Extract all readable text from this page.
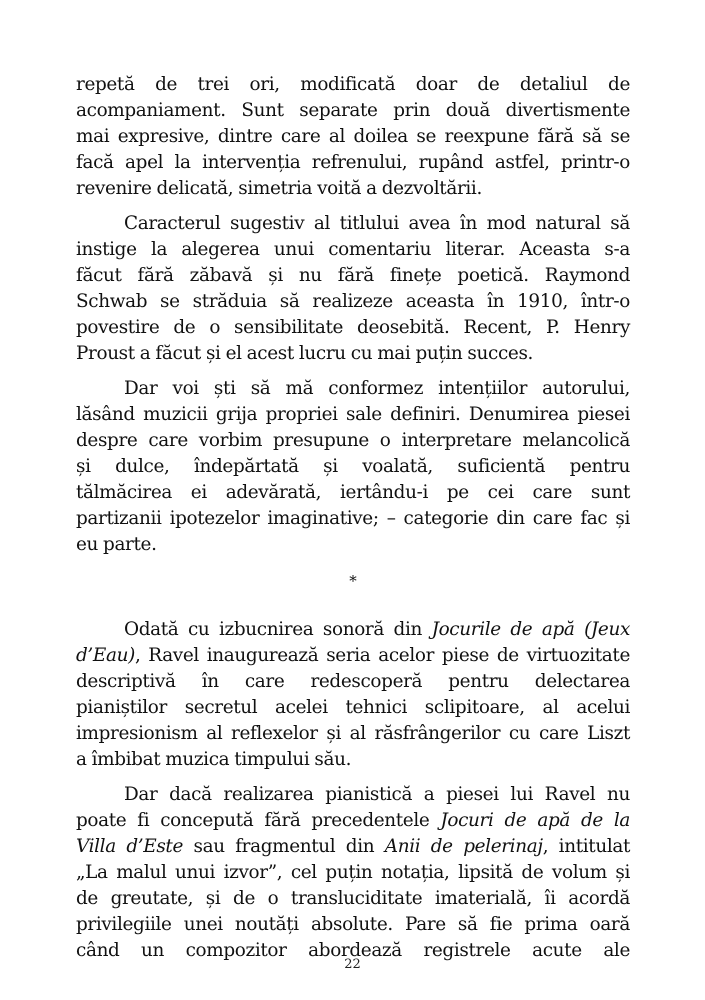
repetă de trei ori, modificată doar de detaliul de
acompaniament. Sunt separate prin două divertismente
mai expresive, dintre care al doilea se reexpune fără să se
facă apel la intervenția refrenului, rupând astfel, printr-o
revenire delicată, simetria voită a dezvoltării.

Caracterul sugestiv al titlului avea în mod natural să
instige la alegerea unui comentariu literar. Aceasta s-a
făcut fără zăbavă și nu fără finețe poetică. Raymond
Schwab se străduia să realizeze aceasta în 1910, într-o
povestire de o sensibilitate deosebită. Recent, P. Henry
Proust a făcut și el acest lucru cu mai puțin succes.

Dar voi ști să mă conformez intențiilor autorului,
lăsând muzicii grija propriei sale definiri. Denumirea piesei
despre care vorbim presupune o interpretare melancolică
și dulce, îndepărtată și voalată, suficientă pentru
tălmăcirea ei adevărată, iertându-i pe cei care sunt
partizanii ipotezelor imaginative; – categorie din care fac și
eu parte.

*

Odată cu izbucnirea sonoră din Jocurile de apă (Jeux
d’Eau), Ravel inaugurează seria acelor piese de virtuozitate
descriptivă în care redescoperă pentru delectarea
pianiștilor secretul acelei tehnici sclipitoare, al acelui
impresionism al reflexelor și al răsfrângerilor cu care Liszt
a îmbibat muzica timpului său.

Dar dacă realizarea pianistică a piesei lui Ravel nu
poate fi concepută fără precedentele Jocuri de apă de la
Villa d’Este sau fragmentul din Anii de pelerinaj, intitulat
„La malul unui izvor”, cel puțin notația, lipsită de volum și
de greutate, și de o transluciditate imaterială, îi acordă
privilegiile unei noutăți absolute. Pare să fie prima oară
când un compozitor abordează registrele acute ale

22
